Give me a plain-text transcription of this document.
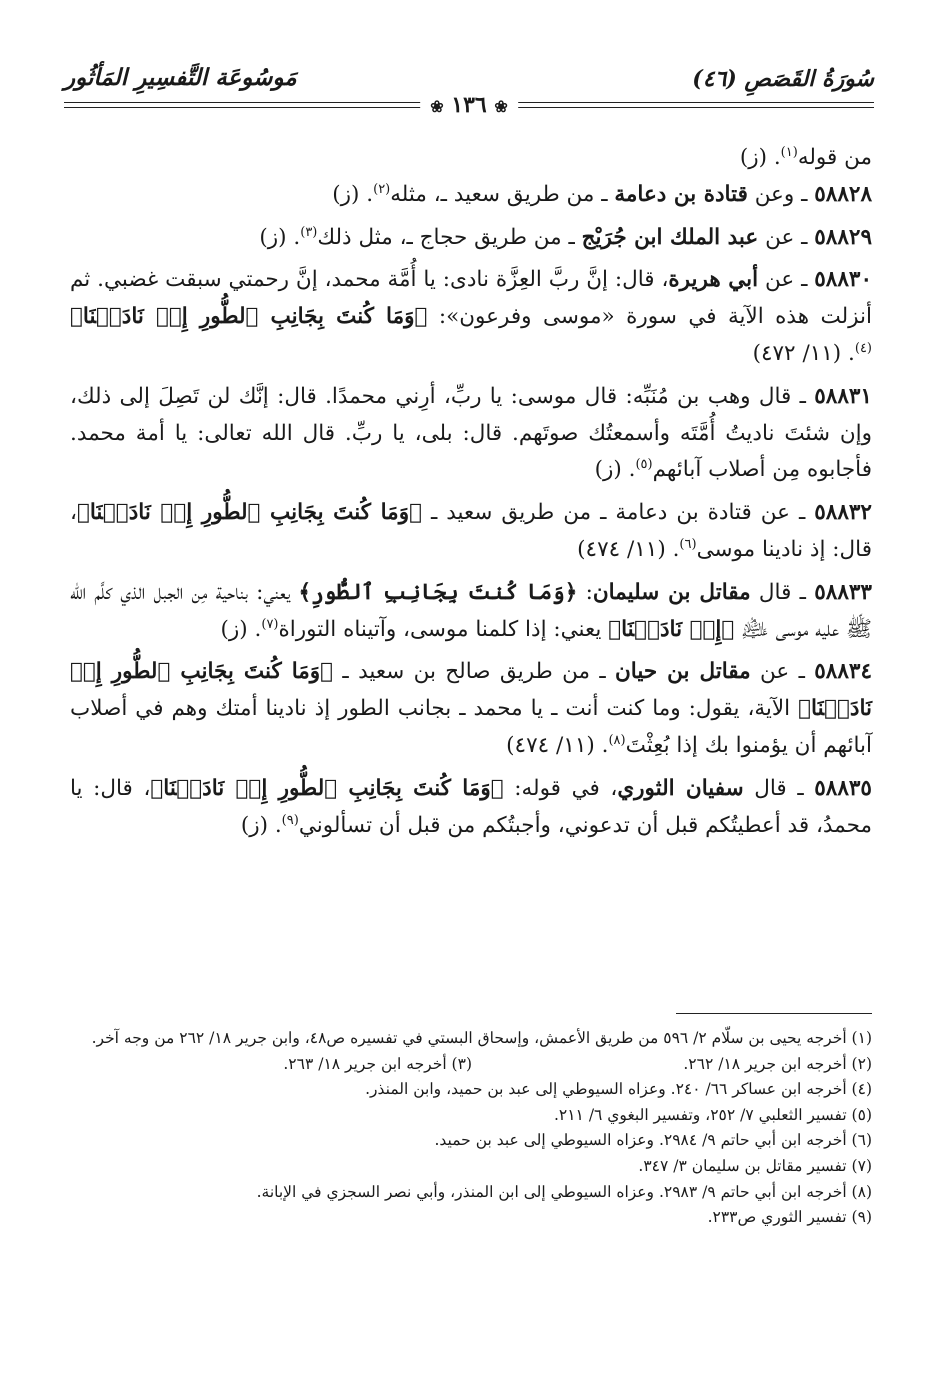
سُورَةُ القَصَصِ (٤٦)
مَوسُوعَة التَّفسِيرِ المَأثُور
❀ ١٣٦ ❀

من قوله$^{(١)}$. (ز)

٥٨٨٢٨ ـ وعن قتادة بن دعامة ـ من طريق سعيد ـ، مثله$^{(٢)}$. (ز)

٥٨٨٢٩ ـ عن عبد الملك ابن جُرَيْج ـ من طريق حجاج ـ، مثل ذلك$^{(٣)}$. (ز)

٥٨٨٣٠ ـ عن أبي هريرة، قال: إنَّ ربَّ العِزَّة نادى: يا أُمَّة محمد، إنَّ رحمتي سبقت غضبي. ثم أنزلت هذه الآية في سورة «موسى وفرعون»: ﴿وَمَا كُنتَ بِجَانِبِ ٱلطُّورِ إِذۡ نَادَيۡنَا﴾$^{(٤)}$. (١١/ ٤٧٢)

٥٨٨٣١ ـ قال وهب بن مُنَبِّه: قال موسى: يا ربِّ، أرِني محمدًا. قال: إنَّك لن تَصِلَ إلى ذلك، وإن شئتَ ناديتُ أُمَّتَه وأسمعتُك صوتَهم. قال: بلى، يا ربِّ. قال الله تعالى: يا أمة محمد. فأجابوه مِن أصلاب آبائهم$^{(٥)}$. (ز)

٥٨٨٣٢ ـ عن قتادة بن دعامة ـ من طريق سعيد ـ ﴿وَمَا كُنتَ بِجَانِبِ ٱلطُّورِ إِذۡ نَادَيۡنَا﴾، قال: إذ نادينا موسى$^{(٦)}$. (١١/ ٤٧٤)

٥٨٨٣٣ ـ قال مقاتل بن سليمان: ﴿وَمَا كُنتَ بِجَانِبِ ٱلطُّورِ﴾ يعني: بناحية مِن الجبل الذي كلَّم الله ﷺ عليه موسى ﵇ ﴿إِذۡ نَادَيۡنَا﴾ يعني: إذا كلمنا موسى، وآتيناه التوراة$^{(٧)}$. (ز)

٥٨٨٣٤ ـ عن مقاتل بن حيان ـ من طريق صالح بن سعيد ـ ﴿وَمَا كُنتَ بِجَانِبِ ٱلطُّورِ إِذۡ نَادَيۡنَا﴾ الآية، يقول: وما كنت أنت ـ يا محمد ـ بجانب الطور إذ نادينا أمتك وهم في أصلاب آبائهم أن يؤمنوا بك إذا بُعِثْتَ$^{(٨)}$. (١١/ ٤٧٤)

٥٨٨٣٥ ـ قال سفيان الثوري، في قوله: ﴿وَمَا كُنتَ بِجَانِبِ ٱلطُّورِ إِذۡ نَادَيۡنَا﴾، قال: يا محمدُ، قد أعطيتُكم قبل أن تدعوني، وأجبتُكم من قبل أن تسألوني$^{(٩)}$. (ز)

(١) أخرجه يحيى بن سلّام ٢/ ٥٩٦ من طريق الأعمش، وإسحاق البستي في تفسيره ص٤٨، وابن جرير ١٨/ ٢٦٢ من وجه آخر.

(٢) أخرجه ابن جرير ١٨/ ٢٦٢.

(٣) أخرجه ابن جرير ١٨/ ٢٦٣.

(٤) أخرجه ابن عساكر ٦٦/ ٢٤٠. وعزاه السيوطي إلى عبد بن حميد، وابن المنذر.

(٥) تفسير الثعلبي ٧/ ٢٥٢، وتفسير البغوي ٦/ ٢١١.

(٦) أخرجه ابن أبي حاتم ٩/ ٢٩٨٤. وعزاه السيوطي إلى عبد بن حميد.

(٧) تفسير مقاتل بن سليمان ٣/ ٣٤٧.

(٨) أخرجه ابن أبي حاتم ٩/ ٢٩٨٣. وعزاه السيوطي إلى ابن المنذر، وأبي نصر السجزي في الإبانة.

(٩) تفسير الثوري ص٢٣٣.
